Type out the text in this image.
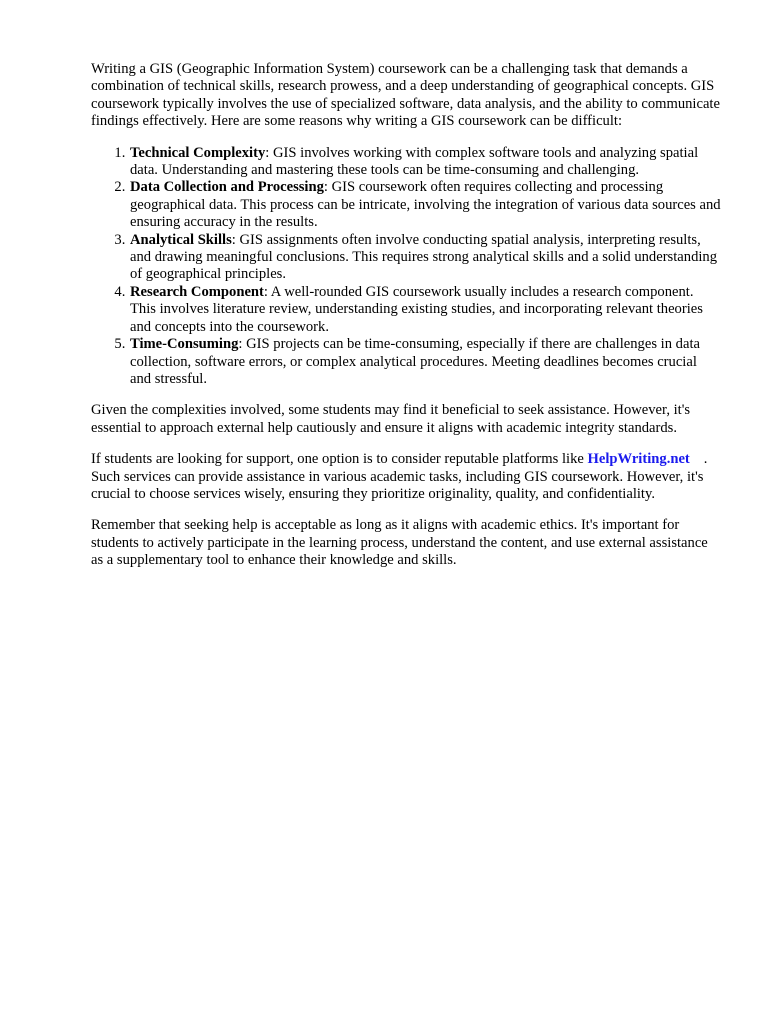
Writing a GIS (Geographic Information System) coursework can be a challenging task that demands a combination of technical skills, research prowess, and a deep understanding of geographical concepts. GIS coursework typically involves the use of specialized software, data analysis, and the ability to communicate findings effectively. Here are some reasons why writing a GIS coursework can be difficult:

1. Technical Complexity: GIS involves working with complex software tools and analyzing spatial data. Understanding and mastering these tools can be time-consuming and challenging.
2. Data Collection and Processing: GIS coursework often requires collecting and processing geographical data. This process can be intricate, involving the integration of various data sources and ensuring accuracy in the results.
3. Analytical Skills: GIS assignments often involve conducting spatial analysis, interpreting results, and drawing meaningful conclusions. This requires strong analytical skills and a solid understanding of geographical principles.
4. Research Component: A well-rounded GIS coursework usually includes a research component. This involves literature review, understanding existing studies, and incorporating relevant theories and concepts into the coursework.
5. Time-Consuming: GIS projects can be time-consuming, especially if there are challenges in data collection, software errors, or complex analytical procedures. Meeting deadlines becomes crucial and stressful.

Given the complexities involved, some students may find it beneficial to seek assistance. However, it's essential to approach external help cautiously and ensure it aligns with academic integrity standards.

If students are looking for support, one option is to consider reputable platforms like HelpWriting.net . Such services can provide assistance in various academic tasks, including GIS coursework. However, it's crucial to choose services wisely, ensuring they prioritize originality, quality, and confidentiality.

Remember that seeking help is acceptable as long as it aligns with academic ethics. It's important for students to actively participate in the learning process, understand the content, and use external assistance as a supplementary tool to enhance their knowledge and skills.
